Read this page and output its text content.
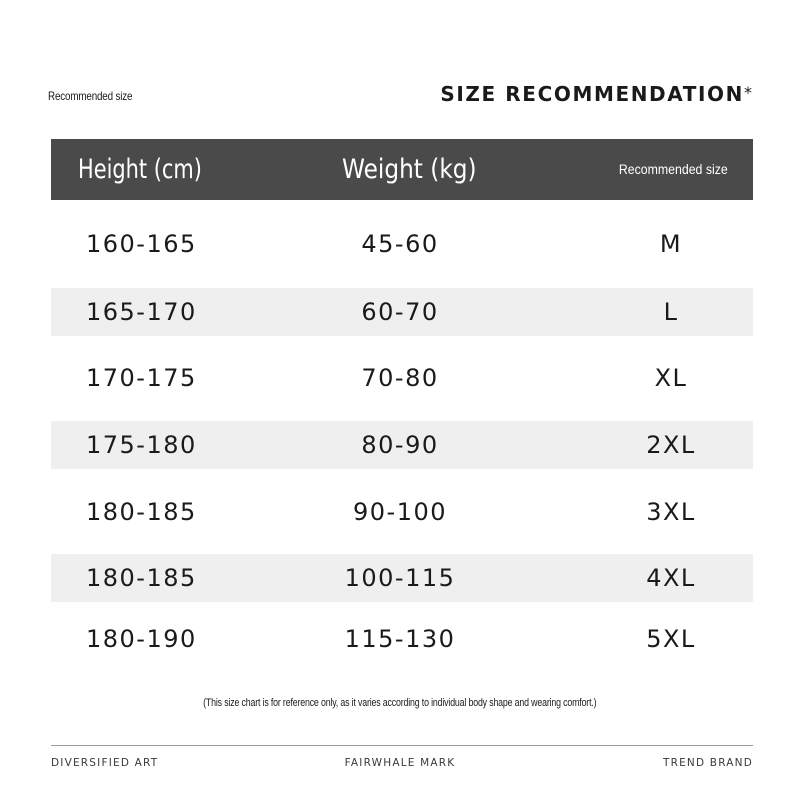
Recommended size	SIZE RECOMMENDATION*
Height (cm)	Weight (kg)	Recommended size
160-165	45-60	M
165-170	60-70	L
170-175	70-80	XL
175-180	80-90	2XL
180-185	90-100	3XL
180-185	100-115	4XL
180-190	115-130	5XL
(This size chart is for reference only, as it varies according to individual body shape and wearing comfort.)
DIVERSIFIED ART	FAIRWHALE MARK	TREND BRAND
